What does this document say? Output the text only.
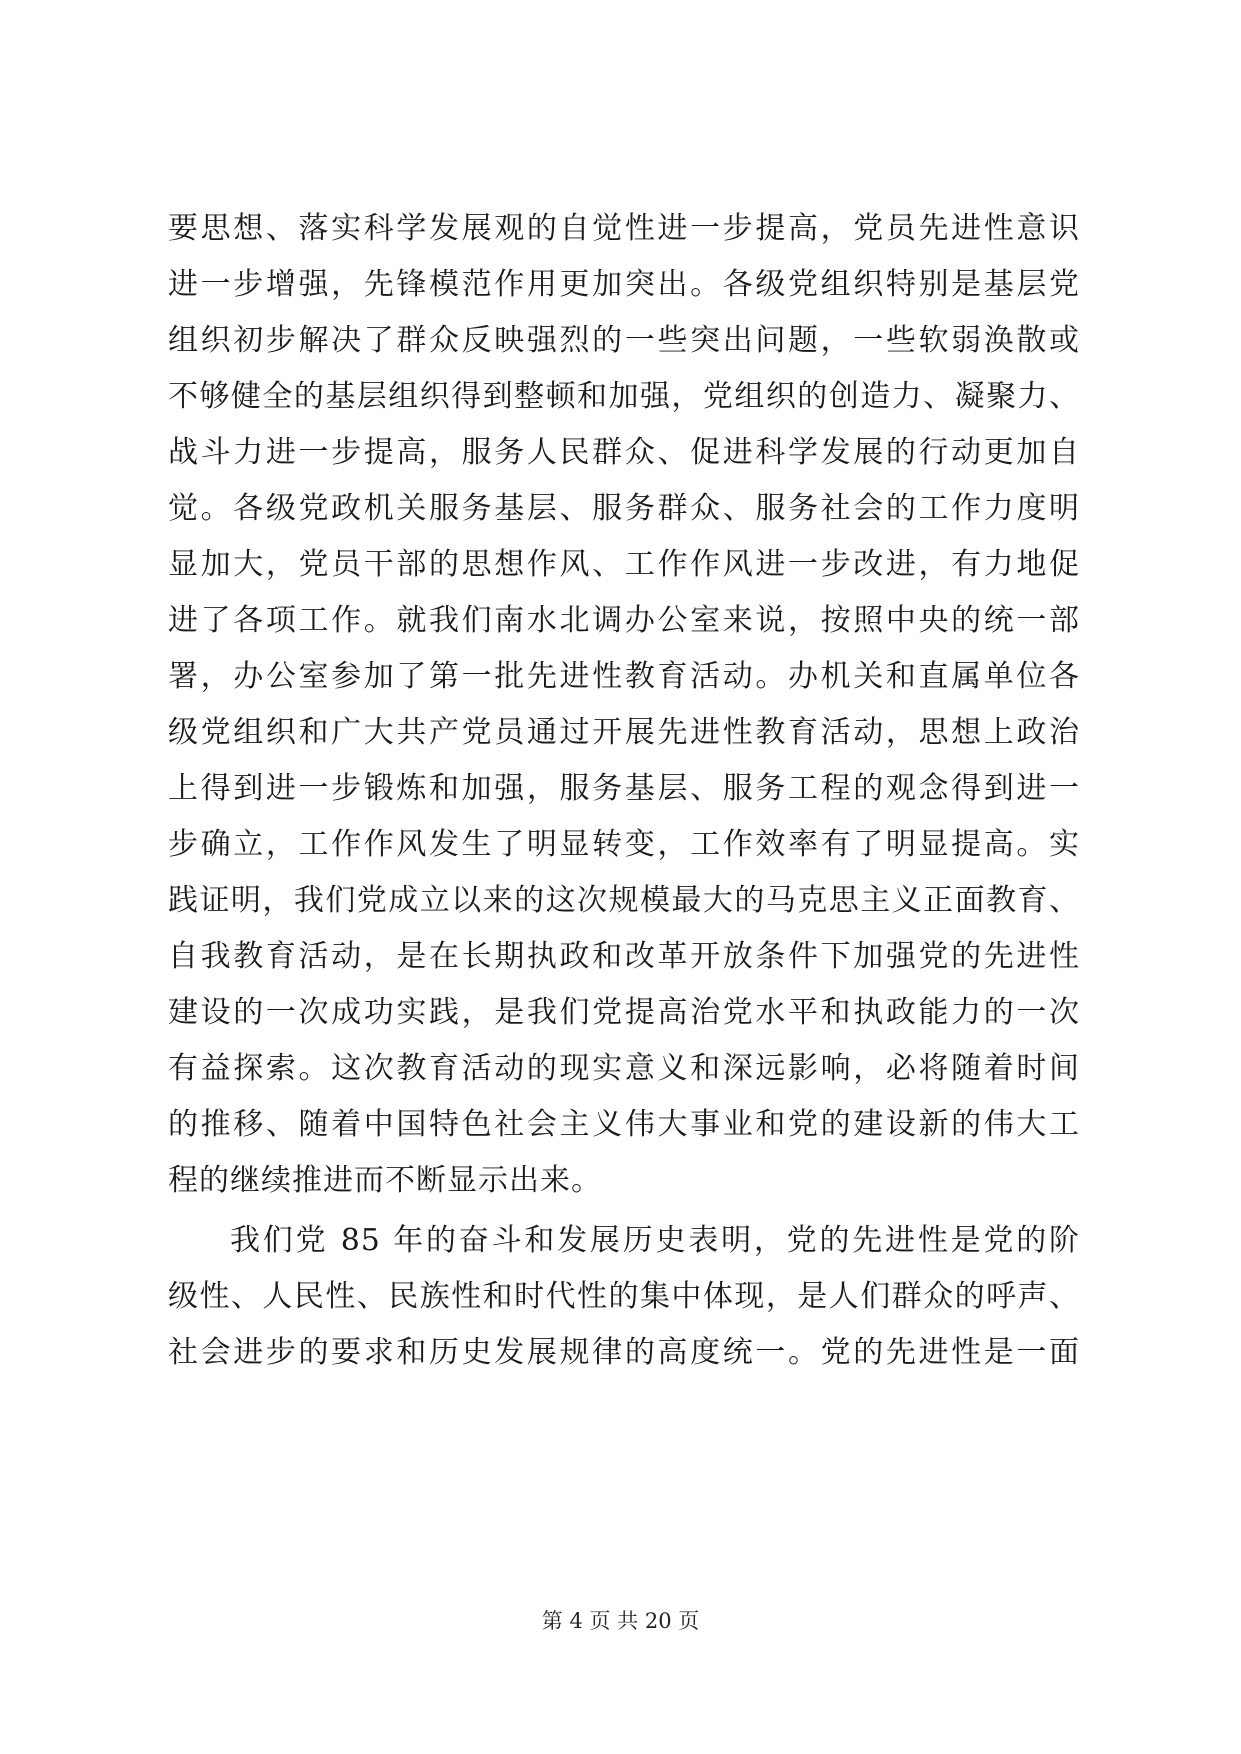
要思想、落实科学发展观的自觉性进一步提高，党员先进性意识
进一步增强，先锋模范作用更加突出。各级党组织特别是基层党
组织初步解决了群众反映强烈的一些突出问题，一些软弱涣散或
不够健全的基层组织得到整顿和加强，党组织的创造力、凝聚力、
战斗力进一步提高，服务人民群众、促进科学发展的行动更加自
觉。各级党政机关服务基层、服务群众、服务社会的工作力度明
显加大，党员干部的思想作风、工作作风进一步改进，有力地促
进了各项工作。就我们南水北调办公室来说，按照中央的统一部
署，办公室参加了第一批先进性教育活动。办机关和直属单位各
级党组织和广大共产党员通过开展先进性教育活动，思想上政治
上得到进一步锻炼和加强，服务基层、服务工程的观念得到进一
步确立，工作作风发生了明显转变，工作效率有了明显提高。实
践证明，我们党成立以来的这次规模最大的马克思主义正面教育、
自我教育活动，是在长期执政和改革开放条件下加强党的先进性
建设的一次成功实践，是我们党提高治党水平和执政能力的一次
有益探索。这次教育活动的现实意义和深远影响，必将随着时间
的推移、随着中国特色社会主义伟大事业和党的建设新的伟大工
程的继续推进而不断显示出来。
我们党 85 年的奋斗和发展历史表明，党的先进性是党的阶
级性、人民性、民族性和时代性的集中体现，是人们群众的呼声、
社会进步的要求和历史发展规律的高度统一。党的先进性是一面
第 4 页 共 20 页
